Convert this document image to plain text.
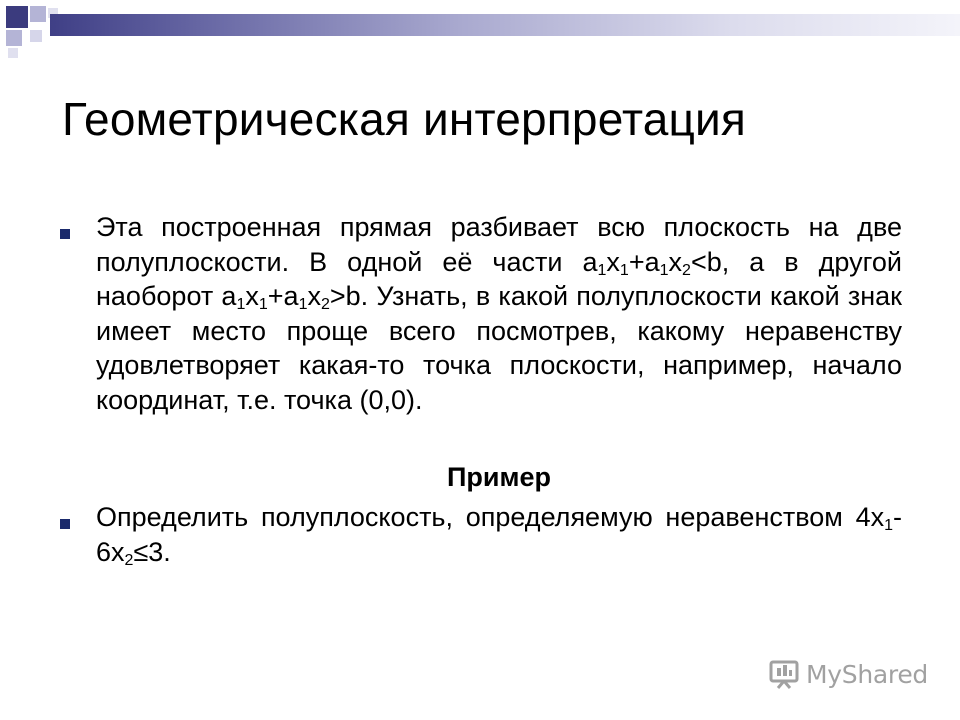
Геометрическая интерпретация

Эта построенная прямая разбивает всю плоскость на две полуплоскости. В одной её части $a_1x_1+a_1x_2<b$, а в другой наоборот $a_1x_1+a_1x_2>b$. Узнать, в какой полуплоскости какой знак имеет место проще всего посмотрев, какому неравенству удовлетворяет какая-то точка плоскости, например, начало координат, т.е. точка (0,0).

Пример

Определить полуплоскость, определяемую неравенством $4x_1-6x_2\le 3$.

MyShared
